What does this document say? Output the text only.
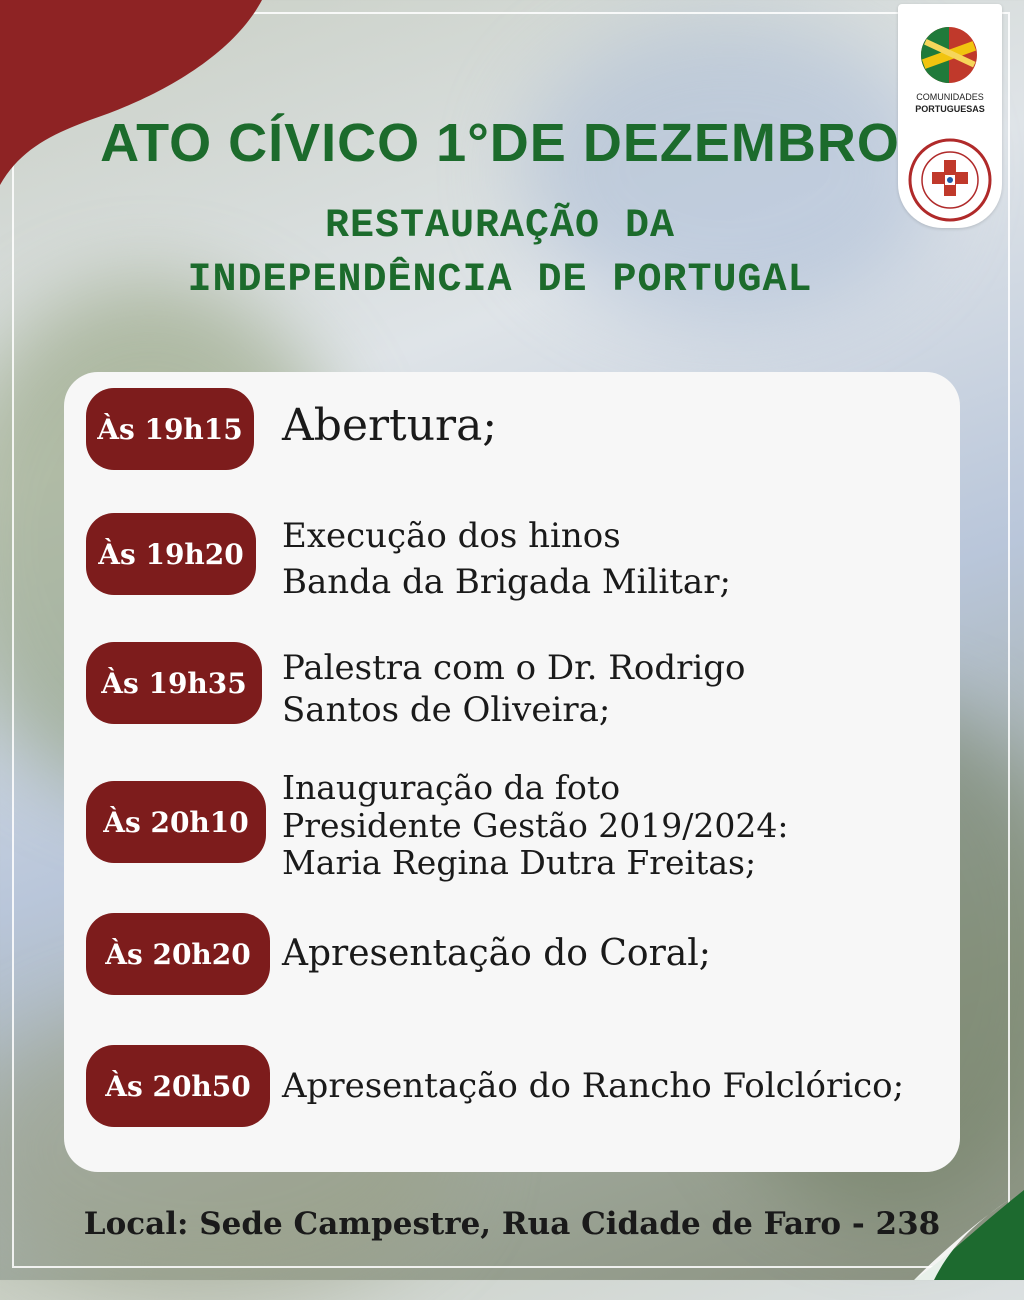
COMUNIDADES
PORTUGUESAS
ATO CÍVICO 1°DE DEZEMBRO
RESTAURAÇÃO DA
INDEPENDÊNCIA DE PORTUGAL
Às 19h15 Abertura;
Às 19h20	Execução dos hinos
Banda da Brigada Militar;
Às 19h35	Palestra com o Dr. Rodrigo
Santos de Oliveira;
Às 20h10
Inauguração da foto
Presidente Gestão 2019/2024:
Maria Regina Dutra Freitas;
Às 20h20 Apresentação do Coral;
Às 20h50 Apresentação do Rancho Folclórico;
Local: Sede Campestre, Rua Cidade de Faro - 238
